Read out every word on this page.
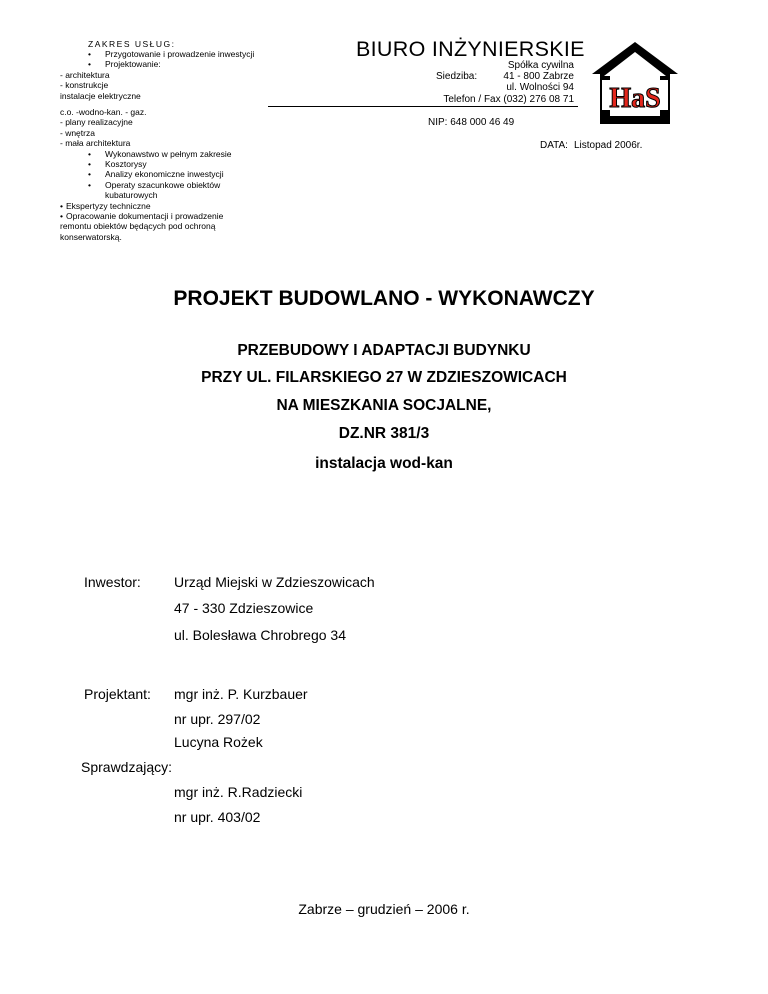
ZAKRES USŁUG:
• Przygotowanie i prowadzenie inwestycji
• Projektowanie:
- architektura
- konstrukcje
instalacje elektryczne
c.o. -wodno-kan. - gaz.
- plany realizacyjne
- wnętrza
- mała architektura
• Wykonawstwo w pełnym zakresie
• Kosztorysy
• Analizy ekonomiczne inwestycji
• Operaty szacunkowe obiektów
kubaturowych
• Ekspertyzy techniczne
• Opracowanie dokumentacji i prowadzenie
remontu obiektów będących pod ochroną
konserwatorską.
BIURO INŻYNIERSKIE
Siedziba:
Spółka cywilna
41 - 800 Zabrze
ul. Wolności 94
Telefon / Fax (032) 276 08 71
NIP: 648 000 46 49
DATA: Listopad 2006r.
HaS
PROJEKT BUDOWLANO - WYKONAWCZY
PRZEBUDOWY I ADAPTACJI BUDYNKU
PRZY UL. FILARSKIEGO 27 W ZDZIESZOWICACH
NA MIESZKANIA SOCJALNE,
DZ.NR 381/3
instalacja wod-kan
Inwestor: Urząd Miejski w Zdzieszowicach
47 - 330 Zdzieszowice
ul. Bolesława Chrobrego 34
Projektant: mgr inż. P. Kurzbauer
nr upr. 297/02
Lucyna Rożek
Sprawdzający:
mgr inż. R.Radziecki
nr upr. 403/02
Zabrze – grudzień – 2006 r.
